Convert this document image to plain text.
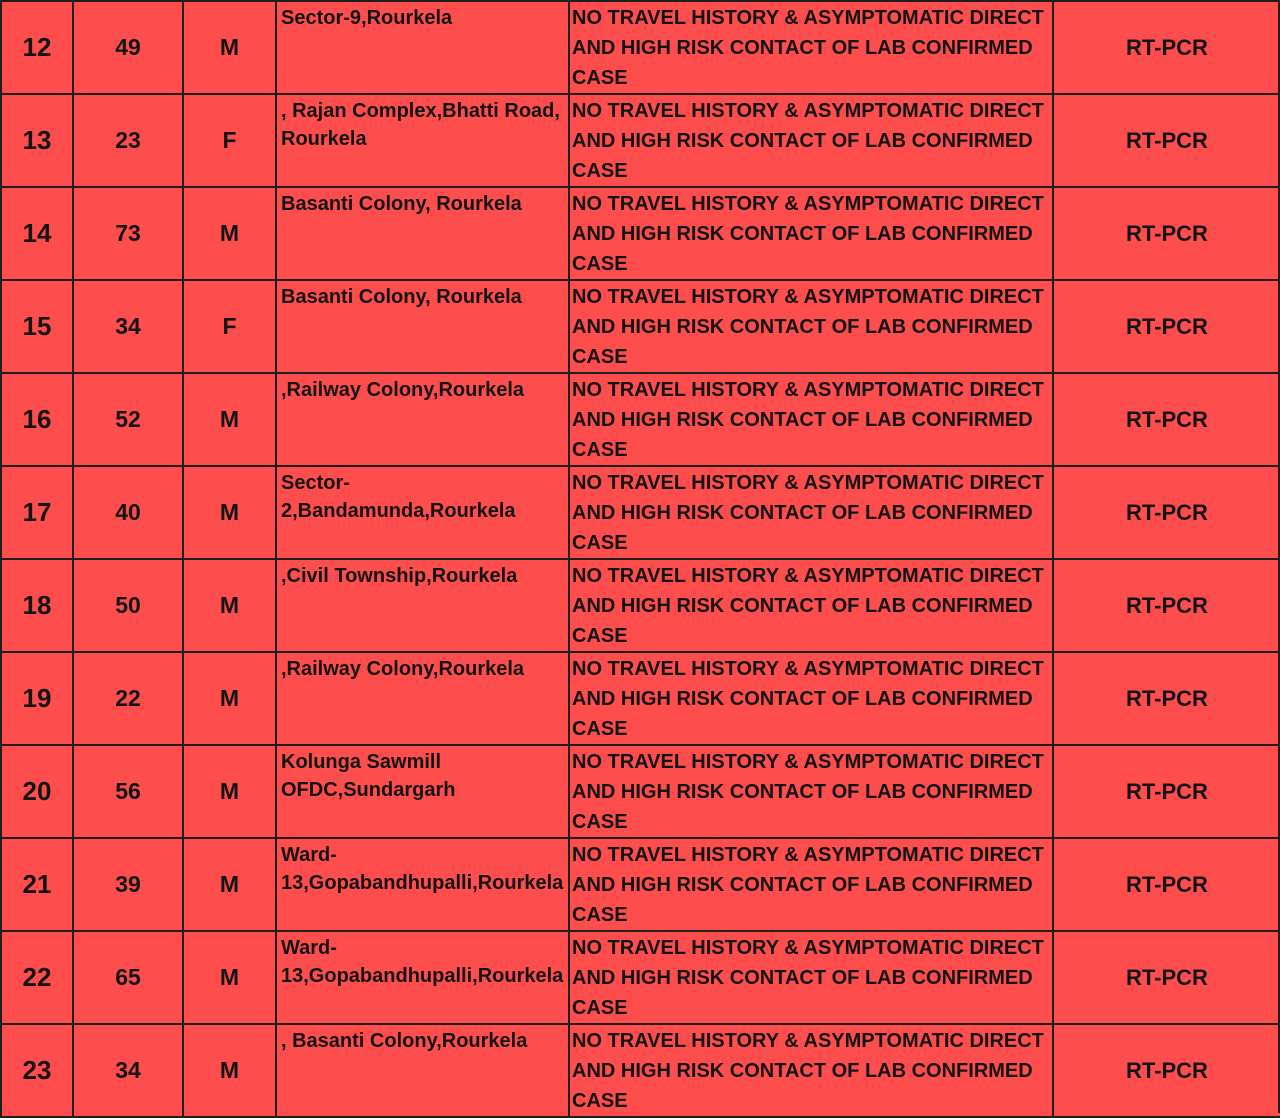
12	49	M	Sector-9,Rourkela	NO TRAVEL HISTORY & ASYMPTOMATIC DIRECT AND HIGH RISK CONTACT OF LAB CONFIRMED CASE	RT-PCR
13	23	F	, Rajan Complex,Bhatti Road, Rourkela	NO TRAVEL HISTORY & ASYMPTOMATIC DIRECT AND HIGH RISK CONTACT OF LAB CONFIRMED CASE	RT-PCR
14	73	M	Basanti Colony, Rourkela	NO TRAVEL HISTORY & ASYMPTOMATIC DIRECT AND HIGH RISK CONTACT OF LAB CONFIRMED CASE	RT-PCR
15	34	F	Basanti Colony, Rourkela	NO TRAVEL HISTORY & ASYMPTOMATIC DIRECT AND HIGH RISK CONTACT OF LAB CONFIRMED CASE	RT-PCR
16	52	M	,Railway Colony,Rourkela	NO TRAVEL HISTORY & ASYMPTOMATIC DIRECT AND HIGH RISK CONTACT OF LAB CONFIRMED CASE	RT-PCR
17	40	M	Sector-2,Bandamunda,Rourkela	NO TRAVEL HISTORY & ASYMPTOMATIC DIRECT AND HIGH RISK CONTACT OF LAB CONFIRMED CASE	RT-PCR
18	50	M	,Civil Township,Rourkela	NO TRAVEL HISTORY & ASYMPTOMATIC DIRECT AND HIGH RISK CONTACT OF LAB CONFIRMED CASE	RT-PCR
19	22	M	,Railway Colony,Rourkela	NO TRAVEL HISTORY & ASYMPTOMATIC DIRECT AND HIGH RISK CONTACT OF LAB CONFIRMED CASE	RT-PCR
20	56	M	Kolunga Sawmill OFDC,Sundargarh	NO TRAVEL HISTORY & ASYMPTOMATIC DIRECT AND HIGH RISK CONTACT OF LAB CONFIRMED CASE	RT-PCR
21	39	M	Ward-13,Gopabandhupalli,Rourkela	NO TRAVEL HISTORY & ASYMPTOMATIC DIRECT AND HIGH RISK CONTACT OF LAB CONFIRMED CASE	RT-PCR
22	65	M	Ward-13,Gopabandhupalli,Rourkela	NO TRAVEL HISTORY & ASYMPTOMATIC DIRECT AND HIGH RISK CONTACT OF LAB CONFIRMED CASE	RT-PCR
23	34	M	, Basanti Colony,Rourkela	NO TRAVEL HISTORY & ASYMPTOMATIC DIRECT AND HIGH RISK CONTACT OF LAB CONFIRMED CASE	RT-PCR
